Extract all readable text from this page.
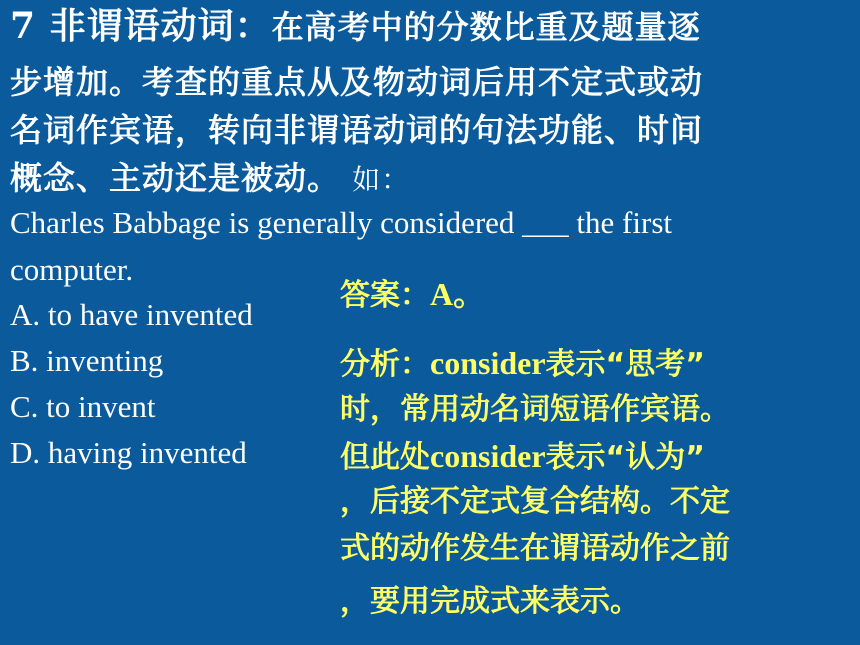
7 非谓语动词：在高考中的分数比重及题量逐
步增加。考查的重点从及物动词后用不定式或动
名词作宾语，转向非谓语动词的句法功能、时间
概念、主动还是被动。 如：
Charles Babbage is generally considered ___ the first
computer.
A. to have invented
B. inventing
C. to invent
D. having invented
答案：A。
分析：consider表示“思考”
时，常用动名词短语作宾语。
但此处consider表示“认为”
，后接不定式复合结构。不定
式的动作发生在谓语动作之前
，要用完成式来表示。
